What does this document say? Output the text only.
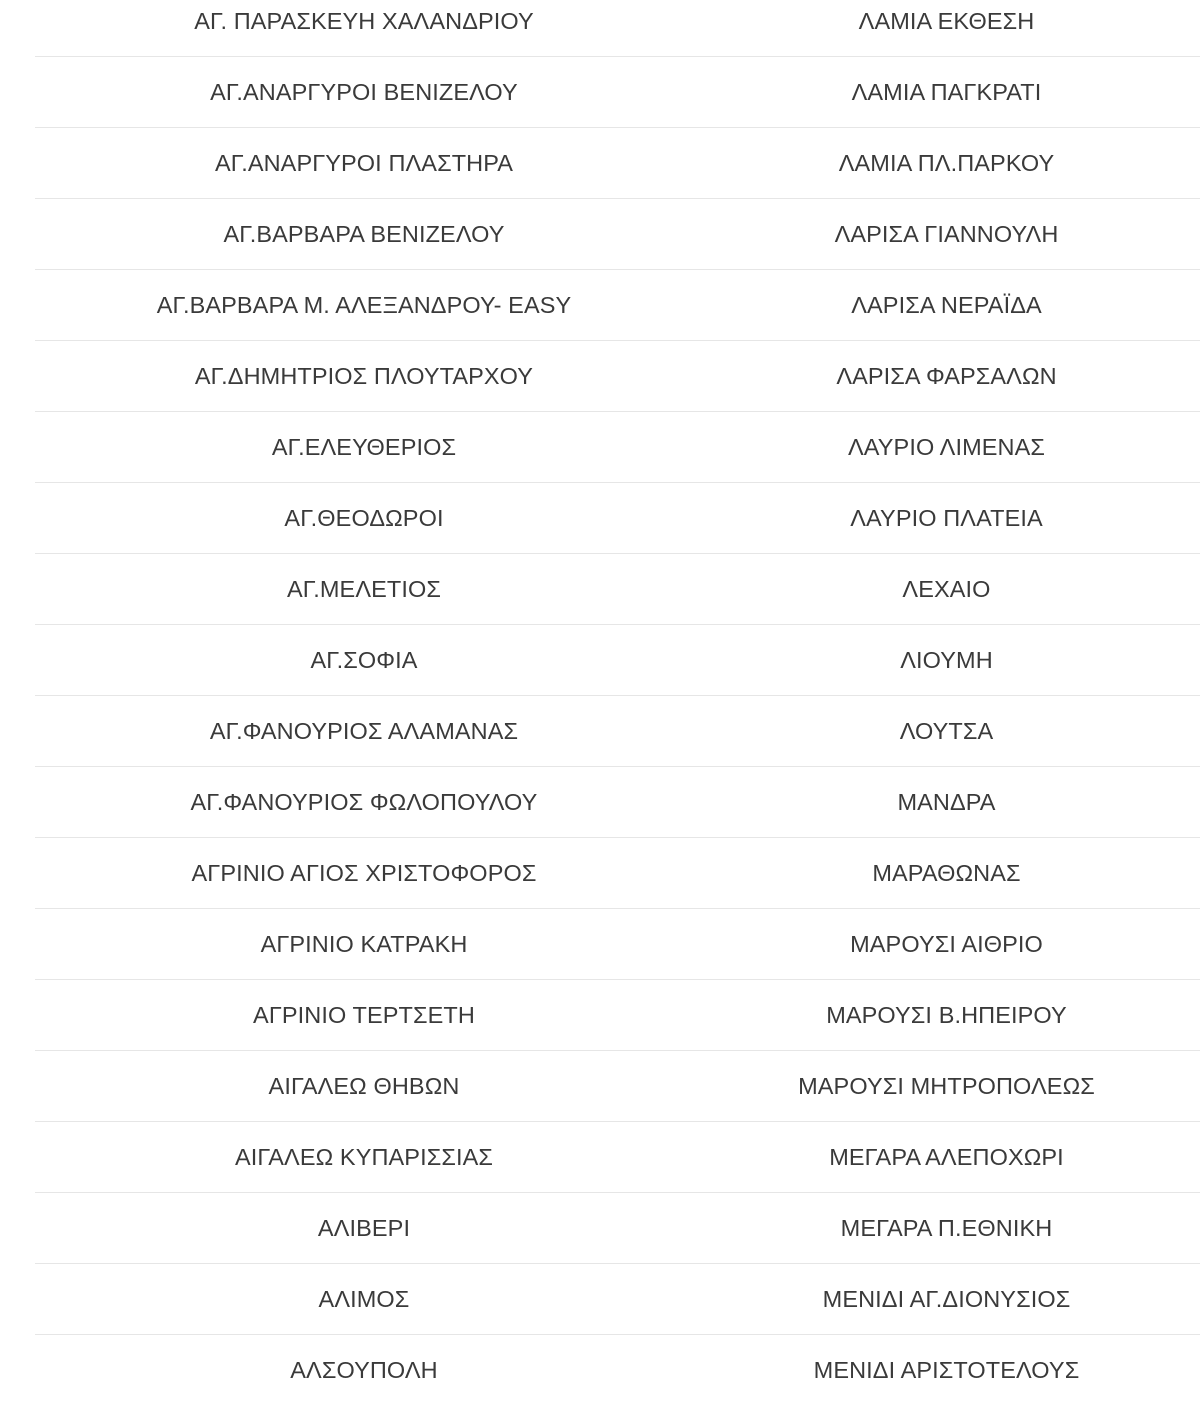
ΑΓ. ΠΑΡΑΣΚΕΥΗ ΧΑΛΑΝΔΡΙΟΥ	ΛΑΜΙΑ ΕΚΘΕΣΗ
ΑΓ.ΑΝΑΡΓΥΡΟΙ ΒΕΝΙΖΕΛΟΥ	ΛΑΜΙΑ ΠΑΓΚΡΑΤΙ
ΑΓ.ΑΝΑΡΓΥΡΟΙ ΠΛΑΣΤΗΡΑ	ΛΑΜΙΑ ΠΛ.ΠΑΡΚΟΥ
ΑΓ.ΒΑΡΒΑΡΑ ΒΕΝΙΖΕΛΟΥ	ΛΑΡΙΣΑ ΓΙΑΝΝΟΥΛΗ
ΑΓ.ΒΑΡΒΑΡΑ Μ. ΑΛΕΞΑΝΔΡΟΥ- EASY	ΛΑΡΙΣΑ ΝΕΡΑΪΔΑ
ΑΓ.ΔΗΜΗΤΡΙΟΣ ΠΛΟΥΤΑΡΧΟΥ	ΛΑΡΙΣΑ ΦΑΡΣΑΛΩΝ
ΑΓ.ΕΛΕΥΘΕΡΙΟΣ	ΛΑΥΡΙΟ ΛΙΜΕΝΑΣ
ΑΓ.ΘΕΟΔΩΡΟΙ	ΛΑΥΡΙΟ ΠΛΑΤΕΙΑ
ΑΓ.ΜΕΛΕΤΙΟΣ	ΛΕΧΑΙΟ
ΑΓ.ΣΟΦΙΑ	ΛΙΟΥΜΗ
ΑΓ.ΦΑΝΟΥΡΙΟΣ ΑΛΑΜΑΝΑΣ	ΛΟΥΤΣΑ
ΑΓ.ΦΑΝΟΥΡΙΟΣ ΦΩΛΟΠΟΥΛΟΥ	ΜΑΝΔΡΑ
ΑΓΡΙΝΙΟ ΑΓΙΟΣ ΧΡΙΣΤΟΦΟΡΟΣ	ΜΑΡΑΘΩΝΑΣ
ΑΓΡΙΝΙΟ ΚΑΤΡΑΚΗ	ΜΑΡΟΥΣΙ ΑΙΘΡΙΟ
ΑΓΡΙΝΙΟ ΤΕΡΤΣΕΤΗ	ΜΑΡΟΥΣΙ Β.ΗΠΕΙΡΟΥ
ΑΙΓΑΛΕΩ ΘΗΒΩΝ	ΜΑΡΟΥΣΙ ΜΗΤΡΟΠΟΛΕΩΣ
ΑΙΓΑΛΕΩ ΚΥΠΑΡΙΣΣΙΑΣ	ΜΕΓΑΡΑ ΑΛΕΠΟΧΩΡΙ
ΑΛΙΒΕΡΙ	ΜΕΓΑΡΑ Π.ΕΘΝΙΚΗ
ΑΛΙΜΟΣ	ΜΕΝΙΔΙ ΑΓ.ΔΙΟΝΥΣΙΟΣ
ΑΛΣΟΥΠΟΛΗ	ΜΕΝΙΔΙ ΑΡΙΣΤΟΤΕΛΟΥΣ
